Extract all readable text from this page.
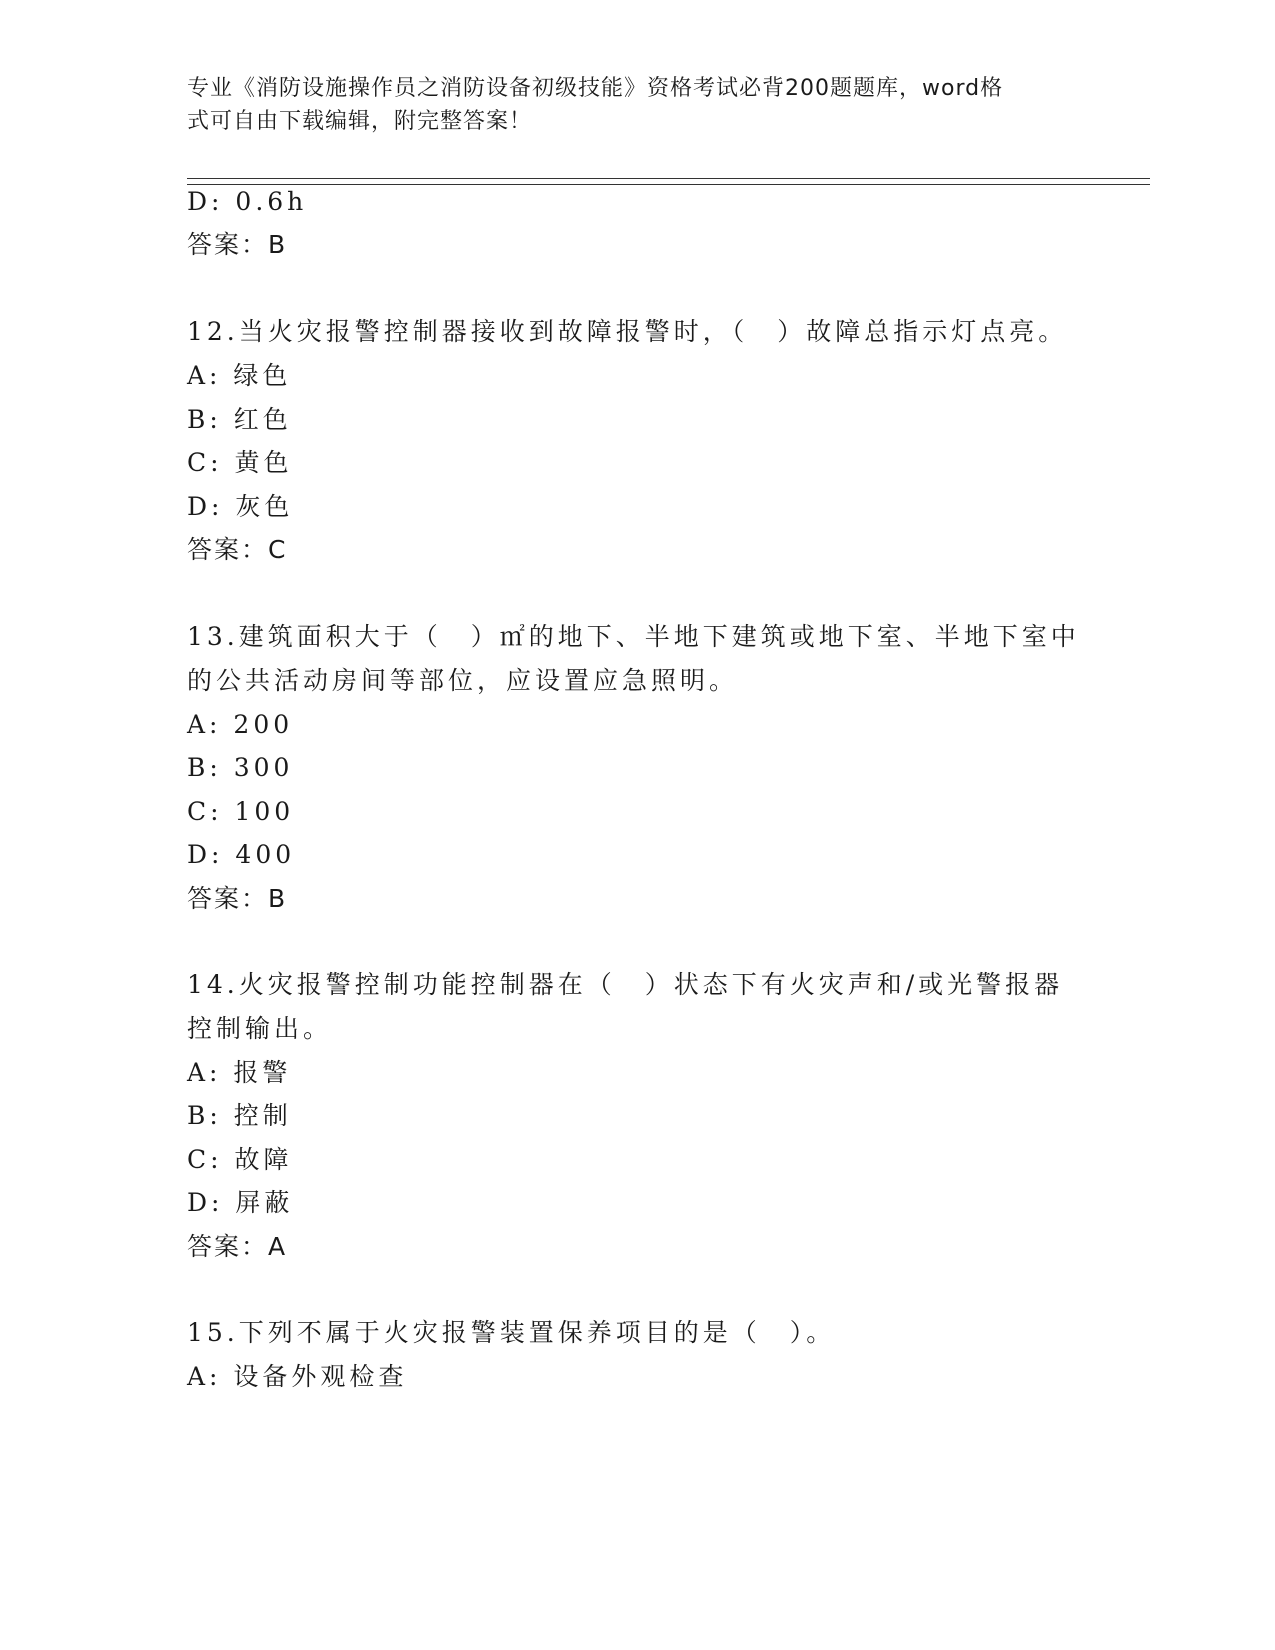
专业《消防设施操作员之消防设备初级技能》资格考试必背200题题库，word格
式可自由下载编辑，附完整答案！
D: 0.6h
答案：B
12.当火灾报警控制器接收到故障报警时，（　）故障总指示灯点亮。
A: 绿色
B: 红色
C: 黄色
D: 灰色
答案：C
13.建筑面积大于（　）㎡的地下、半地下建筑或地下室、半地下室中
的公共活动房间等部位，应设置应急照明。
A: 200
B: 300
C: 100
D: 400
答案：B
14.火灾报警控制功能控制器在（　）状态下有火灾声和/或光警报器
控制输出。
A: 报警
B: 控制
C: 故障
D: 屏蔽
答案：A
15.下列不属于火灾报警装置保养项目的是（　）。
A: 设备外观检查
